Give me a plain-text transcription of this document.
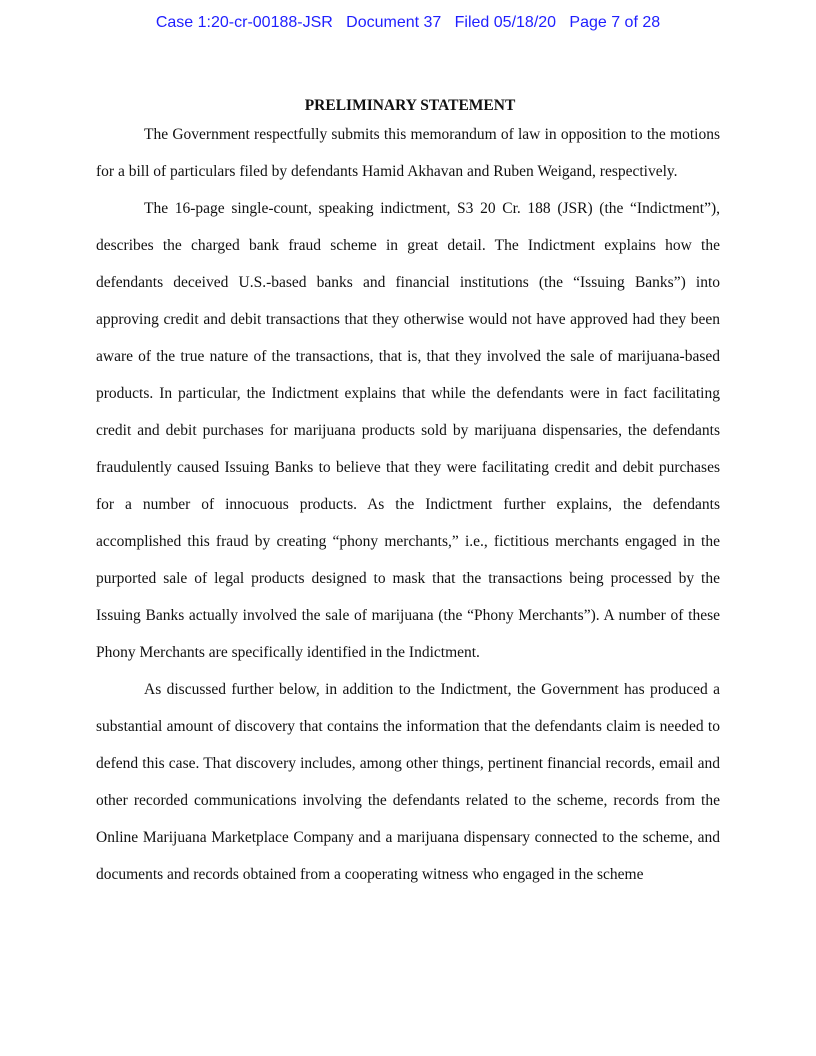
Case 1:20-cr-00188-JSR   Document 37   Filed 05/18/20   Page 7 of 28
PRELIMINARY STATEMENT

The Government respectfully submits this memorandum of law in opposition to the motions for a bill of particulars filed by defendants Hamid Akhavan and Ruben Weigand, respectively.

The 16-page single-count, speaking indictment, S3 20 Cr. 188 (JSR) (the “Indictment”), describes the charged bank fraud scheme in great detail. The Indictment explains how the defendants deceived U.S.-based banks and financial institutions (the “Issuing Banks”) into approving credit and debit transactions that they otherwise would not have approved had they been aware of the true nature of the transactions, that is, that they involved the sale of marijuana-based products. In particular, the Indictment explains that while the defendants were in fact facilitating credit and debit purchases for marijuana products sold by marijuana dispensaries, the defendants fraudulently caused Issuing Banks to believe that they were facilitating credit and debit purchases for a number of innocuous products. As the Indictment further explains, the defendants accomplished this fraud by creating “phony merchants,” i.e., fictitious merchants engaged in the purported sale of legal products designed to mask that the transactions being processed by the Issuing Banks actually involved the sale of marijuana (the “Phony Merchants”). A number of these Phony Merchants are specifically identified in the Indictment.

As discussed further below, in addition to the Indictment, the Government has produced a substantial amount of discovery that contains the information that the defendants claim is needed to defend this case. That discovery includes, among other things, pertinent financial records, email and other recorded communications involving the defendants related to the scheme, records from the Online Marijuana Marketplace Company and a marijuana dispensary connected to the scheme, and documents and records obtained from a cooperating witness who engaged in the scheme
